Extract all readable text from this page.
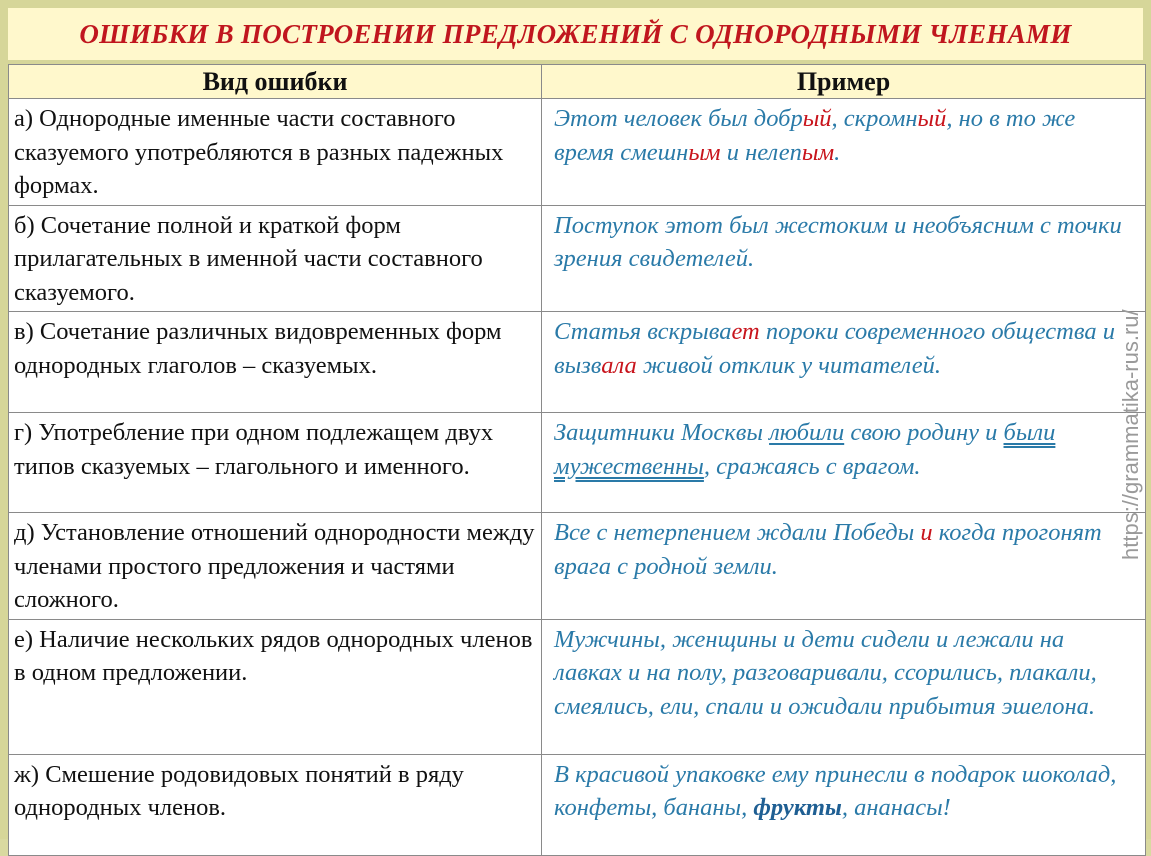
ОШИБКИ В ПОСТРОЕНИИ ПРЕДЛОЖЕНИЙ С ОДНОРОДНЫМИ ЧЛЕНАМИ
Вид ошибки	Пример
а) Однородные именные части составного сказуемого употребляются в разных падежных формах.	Этот человек был добрый, скромный, но в то же время смешным и нелепым.
б) Сочетание полной и краткой форм прилагательных в именной части составного сказуемого.	Поступок этот был жестоким и необъясним с точки зрения свидетелей.
в) Сочетание различных видовременных форм однородных глаголов – сказуемых.	Статья вскрывает пороки современного общества и вызвала живой отклик у читателей.
г) Употребление при одном подлежащем двух типов сказуемых – глагольного и именного.	Защитники Москвы любили свою родину и были мужественны, сражаясь с врагом.
д) Установление отношений однородности между членами простого предложения и частями сложного.	Все с нетерпением ждали Победы и когда прогонят врага с родной земли.
е) Наличие нескольких рядов однородных членов в одном предложении.	Мужчины, женщины и дети сидели и лежали на лавках и на полу, разговаривали, ссорились, плакали, смеялись, ели, спали и ожидали прибытия эшелона.
ж) Смешение родовидовых понятий в ряду однородных членов.	В красивой упаковке ему принесли в подарок шоколад, конфеты, бананы, фрукты, ананасы!
https://grammatika-rus.ru/
